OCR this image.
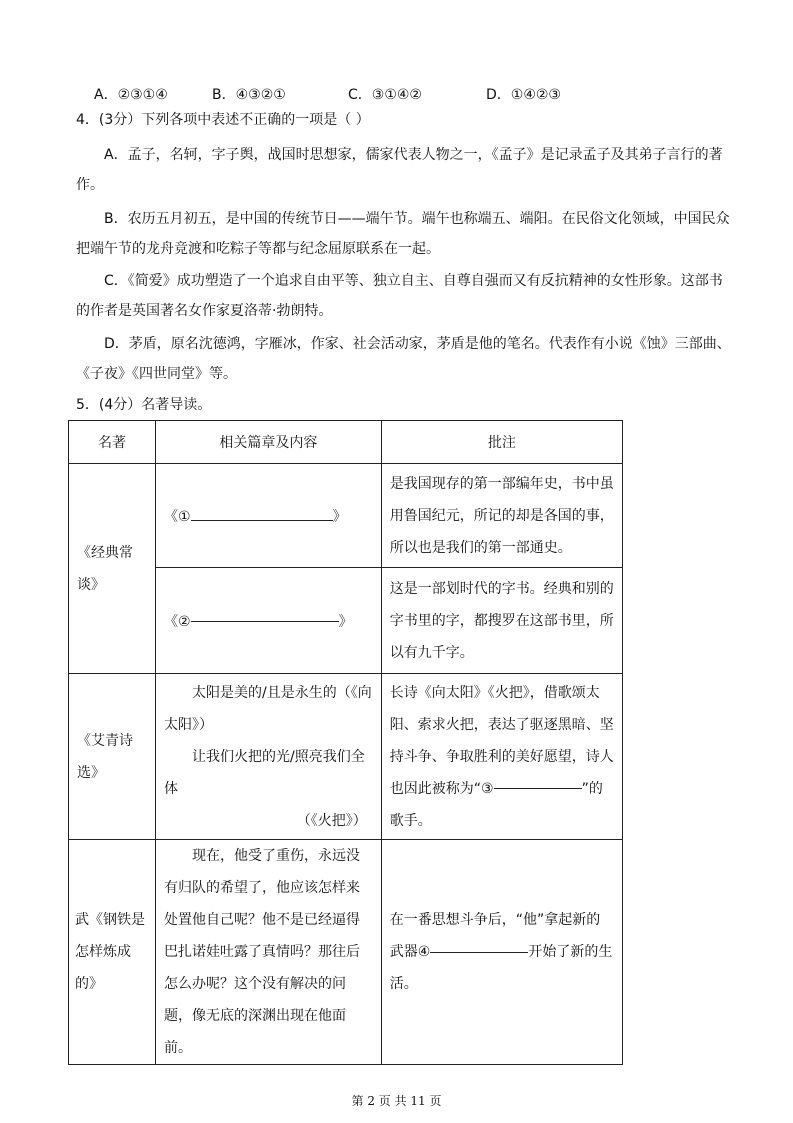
A．②③①④	B．④③②①	C．③①④②	D．①④②③
4．(3分）下列各项中表述不正确的一项是（ ）
A．孟子，名轲，字子舆，战国时思想家，儒家代表人物之一，《孟子》是记录孟子及其弟子言行的著作。
B．农历五月初五，是中国的传统节日——端午节。端午也称端五、端阳。在民俗文化领域，中国民众把端午节的龙舟竞渡和吃粽子等都与纪念屈原联系在一起。
C．《简爱》成功塑造了一个追求自由平等、独立自主、自尊自强而又有反抗精神的女性形象。这部书的作者是英国著名女作家夏洛蒂·勃朗特。
D．茅盾，原名沈德鸿，字雁冰，作家、社会活动家，茅盾是他的笔名。代表作有小说《蚀》三部曲、《子夜》《四世同堂》等。
5．(4分）名著导读。
名著	相关篇章及内容	批注
《经典常谈》	《① 》	是我国现存的第一部编年史，书中虽用鲁国纪元，所记的却是各国的事，所以也是我们的第一部通史。
	《② 》	这是一部划时代的字书。经典和别的字书里的字，都搜罗在这部书里，所以有九千字。
《艾青诗选》	太阳是美的/且是永生的（《向太阳》）
让我们火把的光/照亮我们全体
（《火把》）	长诗《向太阳》《火把》，借歌颂太阳、索求火把，表达了驱逐黑暗、坚持斗争、争取胜利的美好愿望，诗人也因此被称为“③ ”的歌手。
武《钢铁是怎样炼成的》	现在，他受了重伤，永远没有归队的希望了，他应该怎样来处置他自己呢？他不是已经逼得巴扎诺娃吐露了真情吗？那往后怎么办呢？这个没有解决的问题，像无底的深渊出现在他面前。	在一番思想斗争后，“他”拿起新的武器④ 开始了新的生活。
第 2 页 共 11 页
